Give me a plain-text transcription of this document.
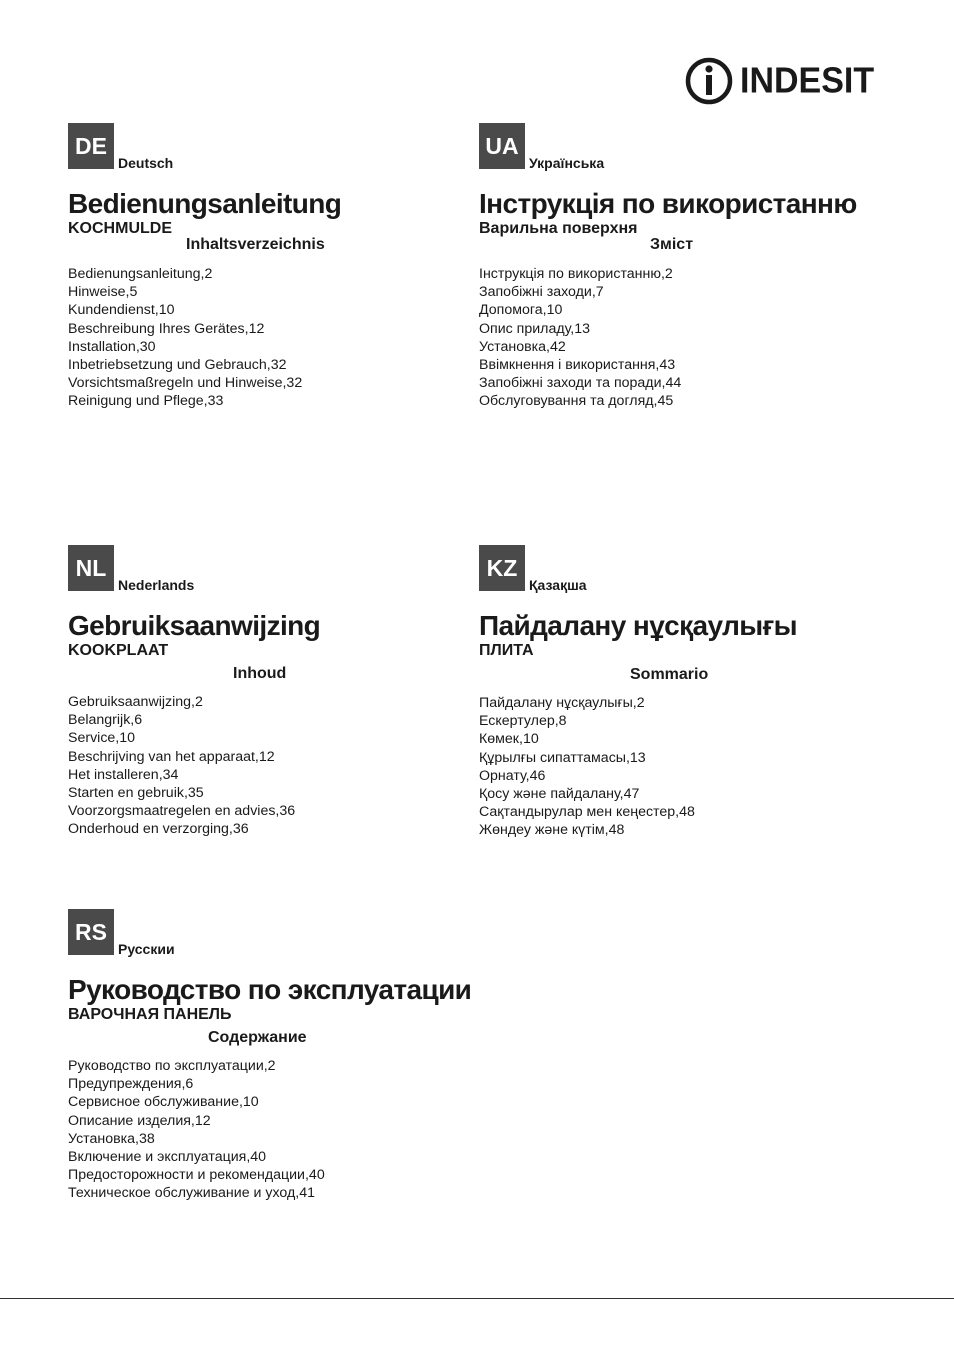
INDESIT
DE
Deutsch
Bedienungsanleitung
KOCHMULDE
Inhaltsverzeichnis
Bedienungsanleitung,2
Hinweise,5
Kundendienst,10
Beschreibung Ihres Gerätes,12
Installation,30
Inbetriebsetzung und Gebrauch,32
Vorsichtsmaßregeln und Hinweise,32
Reinigung und Pflege,33
UA
Українська
Інструкція по використанню
Варильна поверхня
Зміст
Інструкція по використанню,2
Запобіжні заходи,7
Допомога,10
Опис приладу,13
Установка,42
Ввімкнення і використання,43
Запобіжні заходи та поради,44
Обслуговування та догляд,45
NL
Nederlands
Gebruiksaanwijzing
KOOKPLAAT
Inhoud
Gebruiksaanwijzing,2
Belangrijk,6
Service,10
Beschrijving van het apparaat,12
Het installeren,34
Starten en gebruik,35
Voorzorgsmaatregelen en advies,36
Onderhoud en verzorging,36
KZ
Қазақша
Пайдалану нұсқаулығы
ПЛИТА
Sommario
Пайдалану нұсқаулығы,2
Ескертулер,8
Көмек,10
Құрылғы сипаттамасы,13
Орнату,46
Қосу және пайдалану,47
Сақтандырулар мен кеңестер,48
Жөндеу және күтім,48
RS
Русскии
Руководство по эксплуатации
ВАРОЧНАЯ ПАНЕЛЬ
Содержание
Руководство по эксплуатации,2
Предупреждения,6
Сервисное обслуживание,10
Описание изделия,12
Установка,38
Включение и эксплуатация,40
Предосторожности и рекомендации,40
Техническое обслуживание и уход,41
